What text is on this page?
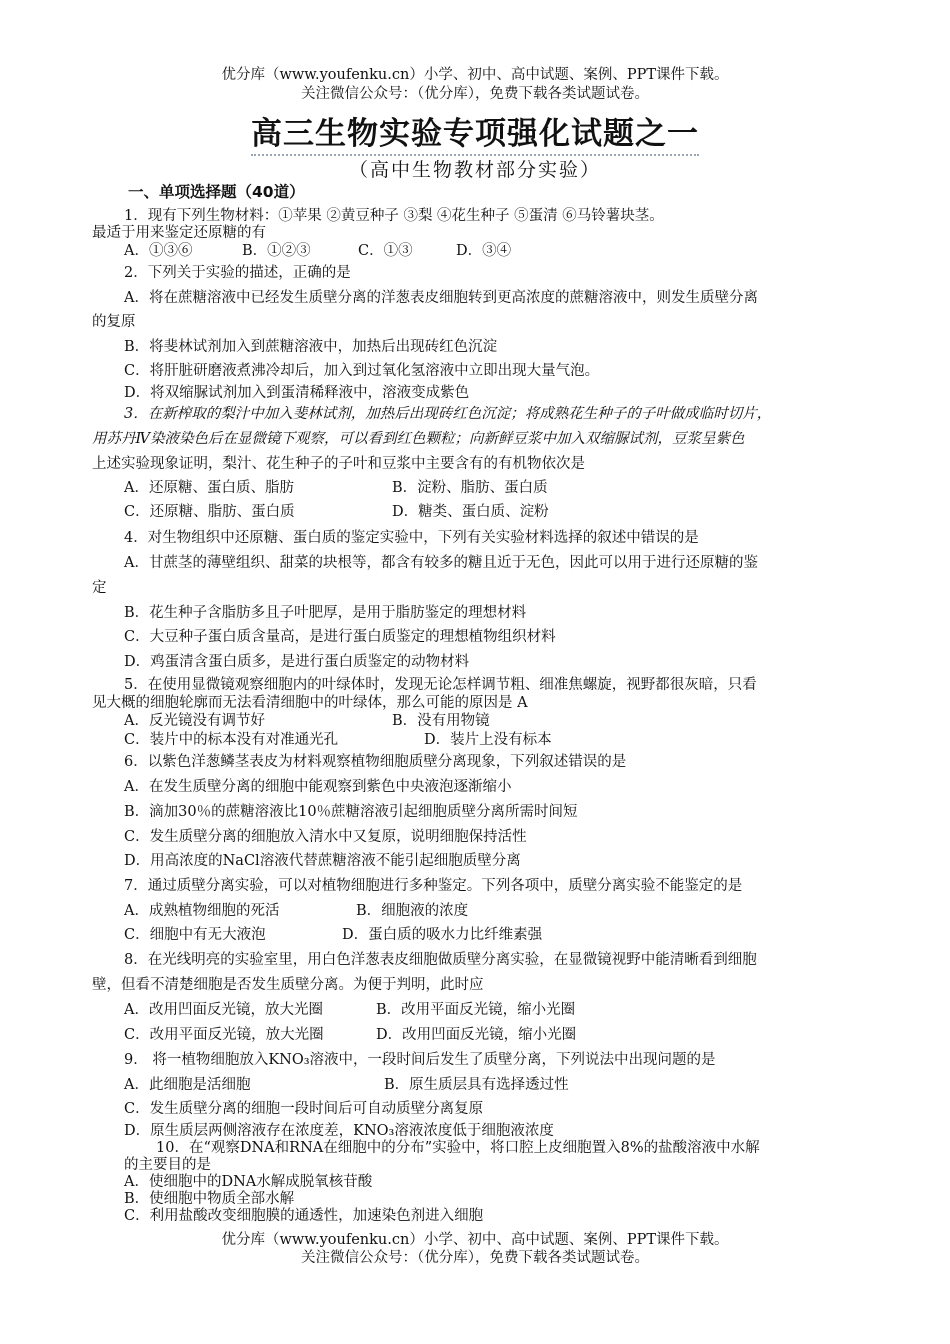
优分库（www.youfenku.cn）小学、初中、高中试题、案例、PPT课件下载。
关注微信公众号：（优分库），免费下载各类试题试卷。
高三生物实验专项强化试题之一
（高中生物教材部分实验）
一、单项选择题（40道）
1．现有下列生物材料：①苹果 ②黄豆种子 ③梨 ④花生种子 ⑤蛋清 ⑥马铃薯块茎。
最适于用来鉴定还原糖的有
A．①③⑥	B．①②③	C．①③	D．③④
2．下列关于实验的描述，正确的是
A．将在蔗糖溶液中已经发生质壁分离的洋葱表皮细胞转到更高浓度的蔗糖溶液中，则发生质壁分离
的复原
B．将斐林试剂加入到蔗糖溶液中，加热后出现砖红色沉淀
C．将肝脏研磨液煮沸冷却后，加入到过氧化氢溶液中立即出现大量气泡。
D．将双缩脲试剂加入到蛋清稀释液中，溶液变成紫色
3．在新榨取的梨汁中加入斐林试剂，加热后出现砖红色沉淀；将成熟花生种子的子叶做成临时切片，
用苏丹Ⅳ染液染色后在显微镜下观察，可以看到红色颗粒；向新鲜豆浆中加入双缩脲试剂，豆浆呈紫色
上述实验现象证明，梨汁、花生种子的子叶和豆浆中主要含有的有机物依次是
A．还原糖、蛋白质、脂肪	B．淀粉、脂肪、蛋白质
C．还原糖、脂肪、蛋白质	D．糖类、蛋白质、淀粉
4．对生物组织中还原糖、蛋白质的鉴定实验中，下列有关实验材料选择的叙述中错误的是
A．甘蔗茎的薄壁组织、甜菜的块根等，都含有较多的糖且近于无色，因此可以用于进行还原糖的鉴
定
B．花生种子含脂肪多且子叶肥厚，是用于脂肪鉴定的理想材料
C．大豆种子蛋白质含量高，是进行蛋白质鉴定的理想植物组织材料
D．鸡蛋清含蛋白质多，是进行蛋白质鉴定的动物材料
5．在使用显微镜观察细胞内的叶绿体时，发现无论怎样调节粗、细准焦螺旋，视野都很灰暗，只看
见大概的细胞轮廓而无法看清细胞中的叶绿体，那么可能的原因是 A
A．反光镜没有调节好	B．没有用物镜
C．装片中的标本没有对准通光孔	D．装片上没有标本
6．以紫色洋葱鳞茎表皮为材料观察植物细胞质壁分离现象，下列叙述错误的是
A．在发生质壁分离的细胞中能观察到紫色中央液泡逐渐缩小
B．滴加30％的蔗糖溶液比10％蔗糖溶液引起细胞质壁分离所需时间短
C．发生质壁分离的细胞放入清水中又复原，说明细胞保持活性
D．用高浓度的NaCl溶液代替蔗糖溶液不能引起细胞质壁分离
7．通过质壁分离实验，可以对植物细胞进行多种鉴定。下列各项中，质壁分离实验不能鉴定的是
A．成熟植物细胞的死活	B．细胞液的浓度
C．细胞中有无大液泡	D．蛋白质的吸水力比纤维素强
8．在光线明亮的实验室里，用白色洋葱表皮细胞做质壁分离实验，在显微镜视野中能清晰看到细胞
壁，但看不清楚细胞是否发生质壁分离。为便于判明，此时应
A．改用凹面反光镜，放大光圈	B．改用平面反光镜，缩小光圈
C．改用平面反光镜，放大光圈	D．改用凹面反光镜，缩小光圈
9． 将一植物细胞放入KNO₃溶液中，一段时间后发生了质壁分离，下列说法中出现问题的是
A．此细胞是活细胞	B．原生质层具有选择透过性
C．发生质壁分离的细胞一段时间后可自动质壁分离复原
D．原生质层两侧溶液存在浓度差，KNO₃溶液浓度低于细胞液浓度
10．在“观察DNA和RNA在细胞中的分布”实验中，将口腔上皮细胞置入8%的盐酸溶液中水解
的主要目的是
A．使细胞中的DNA水解成脱氧核苷酸
B．使细胞中物质全部水解
C．利用盐酸改变细胞膜的通透性，加速染色剂进入细胞
优分库（www.youfenku.cn）小学、初中、高中试题、案例、PPT课件下载。
关注微信公众号：（优分库），免费下载各类试题试卷。
